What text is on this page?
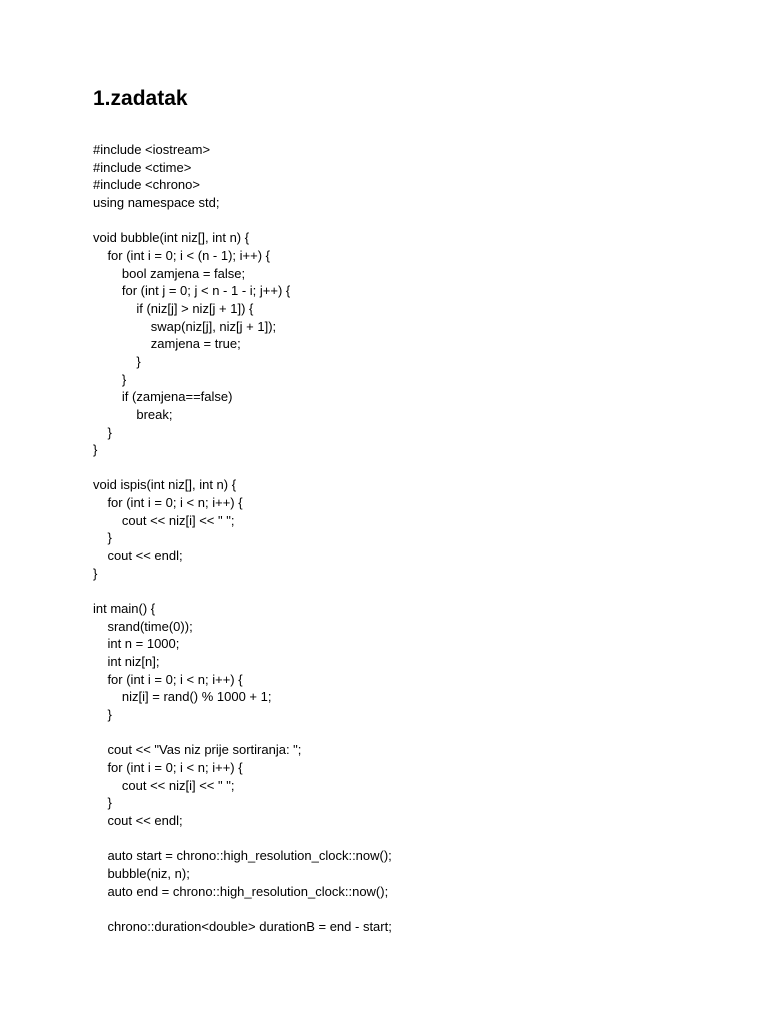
1.zadatak
#include <iostream>
#include <ctime>
#include <chrono>
using namespace std;
void bubble(int niz[], int n) {
for (int i = 0; i < (n - 1); i++) {
bool zamjena = false;
for (int j = 0; j < n - 1 - i; j++) {
if (niz[j] > niz[j + 1]) {
swap(niz[j], niz[j + 1]);
zamjena = true;
}
}
if (zamjena==false)
break;
}
}
void ispis(int niz[], int n) {
for (int i = 0; i < n; i++) {
cout << niz[i] << " ";
}
cout << endl;
}
int main() {
srand(time(0));
int n = 1000;
int niz[n];
for (int i = 0; i < n; i++) {
niz[i] = rand() % 1000 + 1;
}
cout << "Vas niz prije sortiranja: ";
for (int i = 0; i < n; i++) {
cout << niz[i] << " ";
}
cout << endl;
auto start = chrono::high_resolution_clock::now();
bubble(niz, n);
auto end = chrono::high_resolution_clock::now();
chrono::duration<double> durationB = end - start;
